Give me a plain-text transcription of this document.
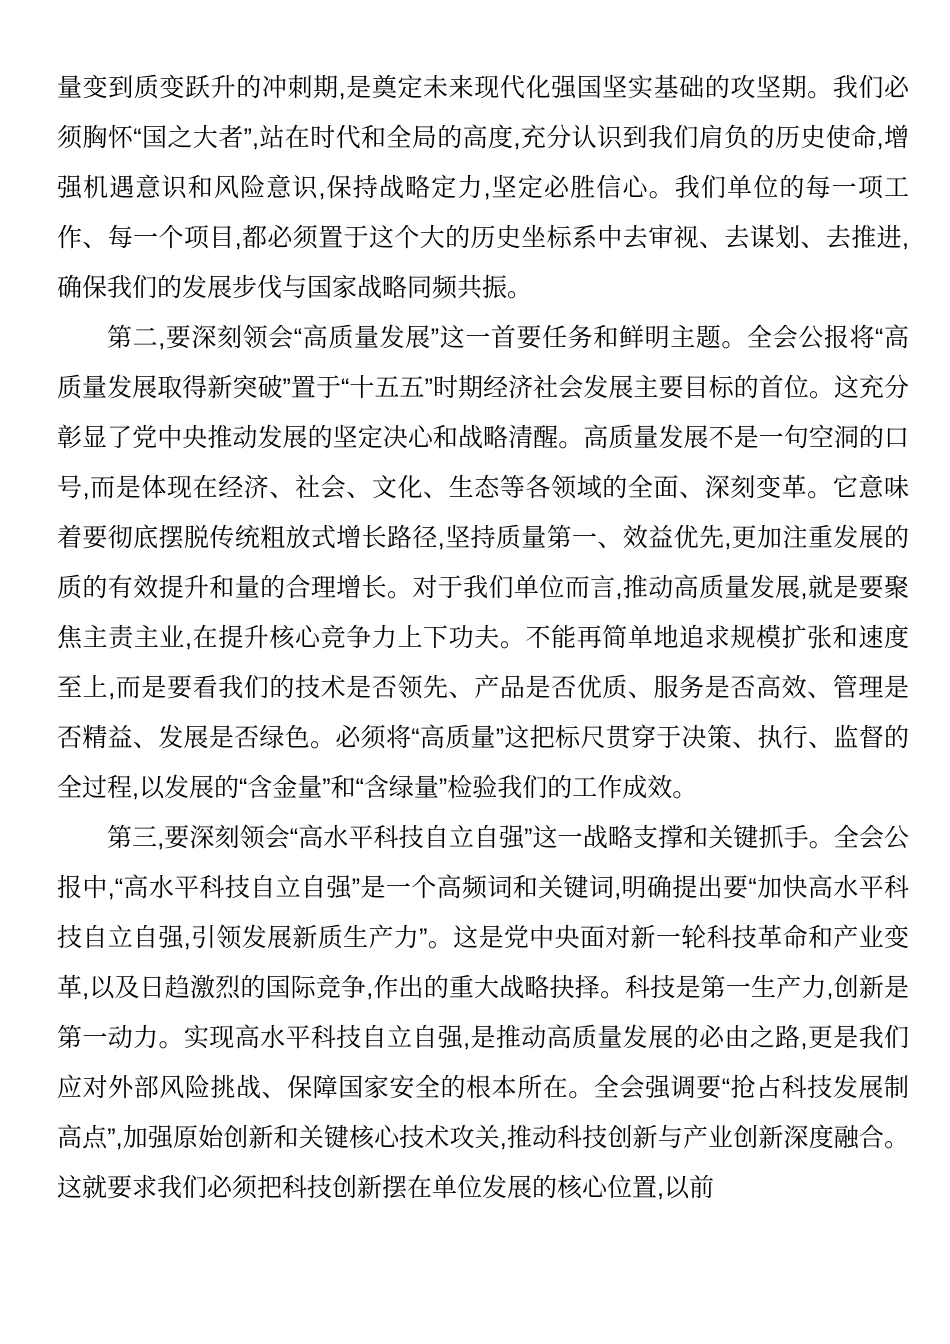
量变到质变跃升的冲刺期,是奠定未来现代化强国坚实基础的攻坚期。我们必须胸怀“国之大者”,站在时代和全局的高度,充分认识到我们肩负的历史使命,增强机遇意识和风险意识,保持战略定力,坚定必胜信心。我们单位的每一项工作、每一个项目,都必须置于这个大的历史坐标系中去审视、去谋划、去推进,确保我们的发展步伐与国家战略同频共振。

第二,要深刻领会“高质量发展”这一首要任务和鲜明主题。全会公报将“高质量发展取得新突破”置于“十五五”时期经济社会发展主要目标的首位。这充分彰显了党中央推动发展的坚定决心和战略清醒。高质量发展不是一句空洞的口号,而是体现在经济、社会、文化、生态等各领域的全面、深刻变革。它意味着要彻底摆脱传统粗放式增长路径,坚持质量第一、效益优先,更加注重发展的质的有效提升和量的合理增长。对于我们单位而言,推动高质量发展,就是要聚焦主责主业,在提升核心竞争力上下功夫。不能再简单地追求规模扩张和速度至上,而是要看我们的技术是否领先、产品是否优质、服务是否高效、管理是否精益、发展是否绿色。必须将“高质量”这把标尺贯穿于决策、执行、监督的全过程,以发展的“含金量”和“含绿量”检验我们的工作成效。

第三,要深刻领会“高水平科技自立自强”这一战略支撑和关键抓手。全会公报中,“高水平科技自立自强”是一个高频词和关键词,明确提出要“加快高水平科技自立自强,引领发展新质生产力”。这是党中央面对新一轮科技革命和产业变革,以及日趋激烈的国际竞争,作出的重大战略抉择。科技是第一生产力,创新是第一动力。实现高水平科技自立自强,是推动高质量发展的必由之路,更是我们应对外部风险挑战、保障国家安全的根本所在。全会强调要“抢占科技发展制高点”,加强原始创新和关键核心技术攻关,推动科技创新与产业创新深度融合。这就要求我们必须把科技创新摆在单位发展的核心位置,以前
